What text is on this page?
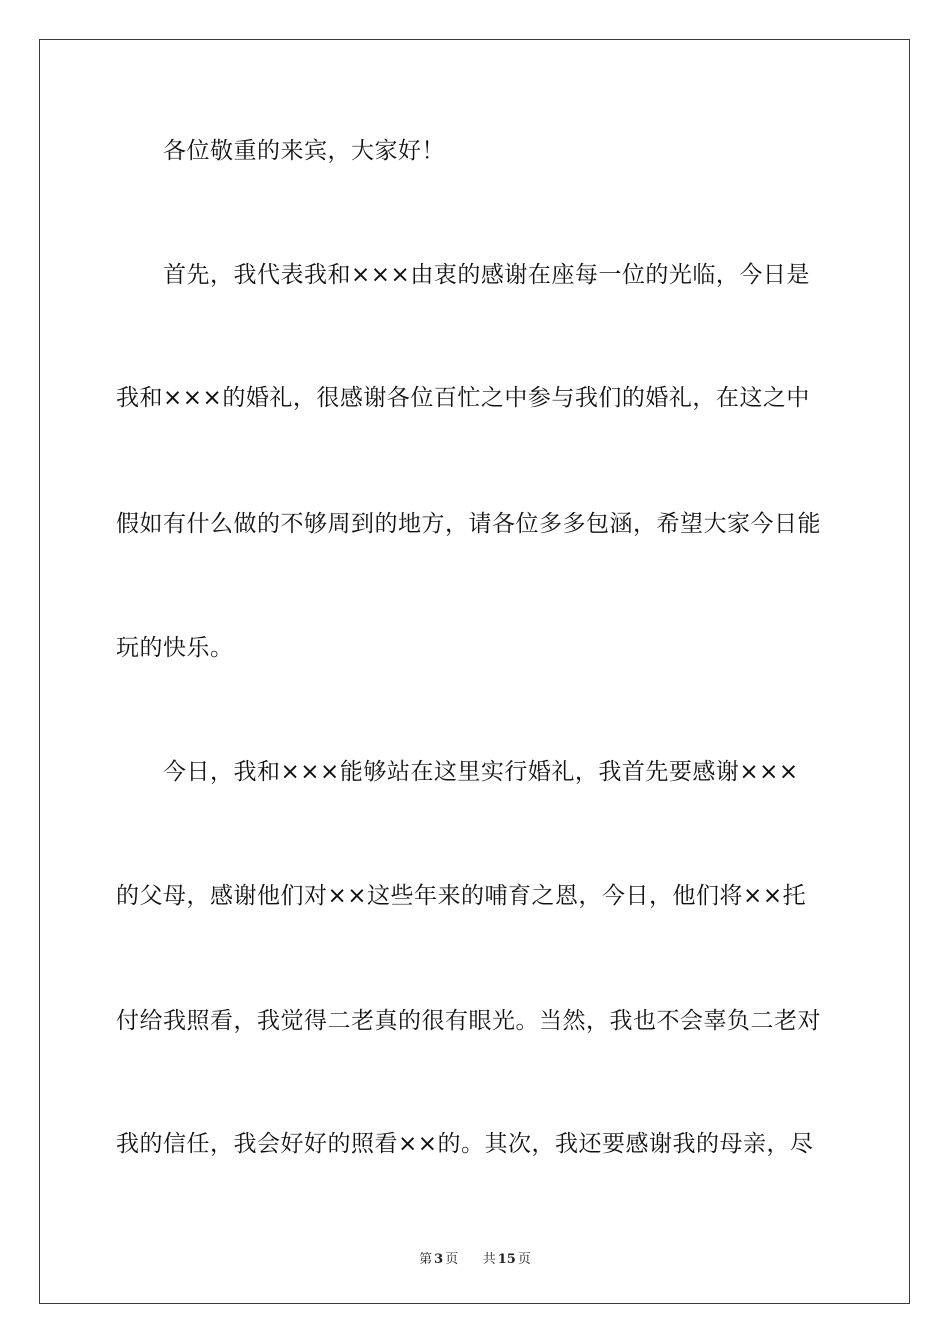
各位敬重的来宾，大家好！
首先，我代表我和×××由衷的感谢在座每一位的光临，今日是
我和×××的婚礼，很感谢各位百忙之中参与我们的婚礼，在这之中
假如有什么做的不够周到的地方，请各位多多包涵，希望大家今日能
玩的快乐。
今日，我和×××能够站在这里实行婚礼，我首先要感谢×××
的父母，感谢他们对××这些年来的哺育之恩，今日，他们将××托
付给我照看，我觉得二老真的很有眼光。当然，我也不会辜负二老对
我的信任，我会好好的照看××的。其次，我还要感谢我的母亲，尽
第 3 页 共 15 页
